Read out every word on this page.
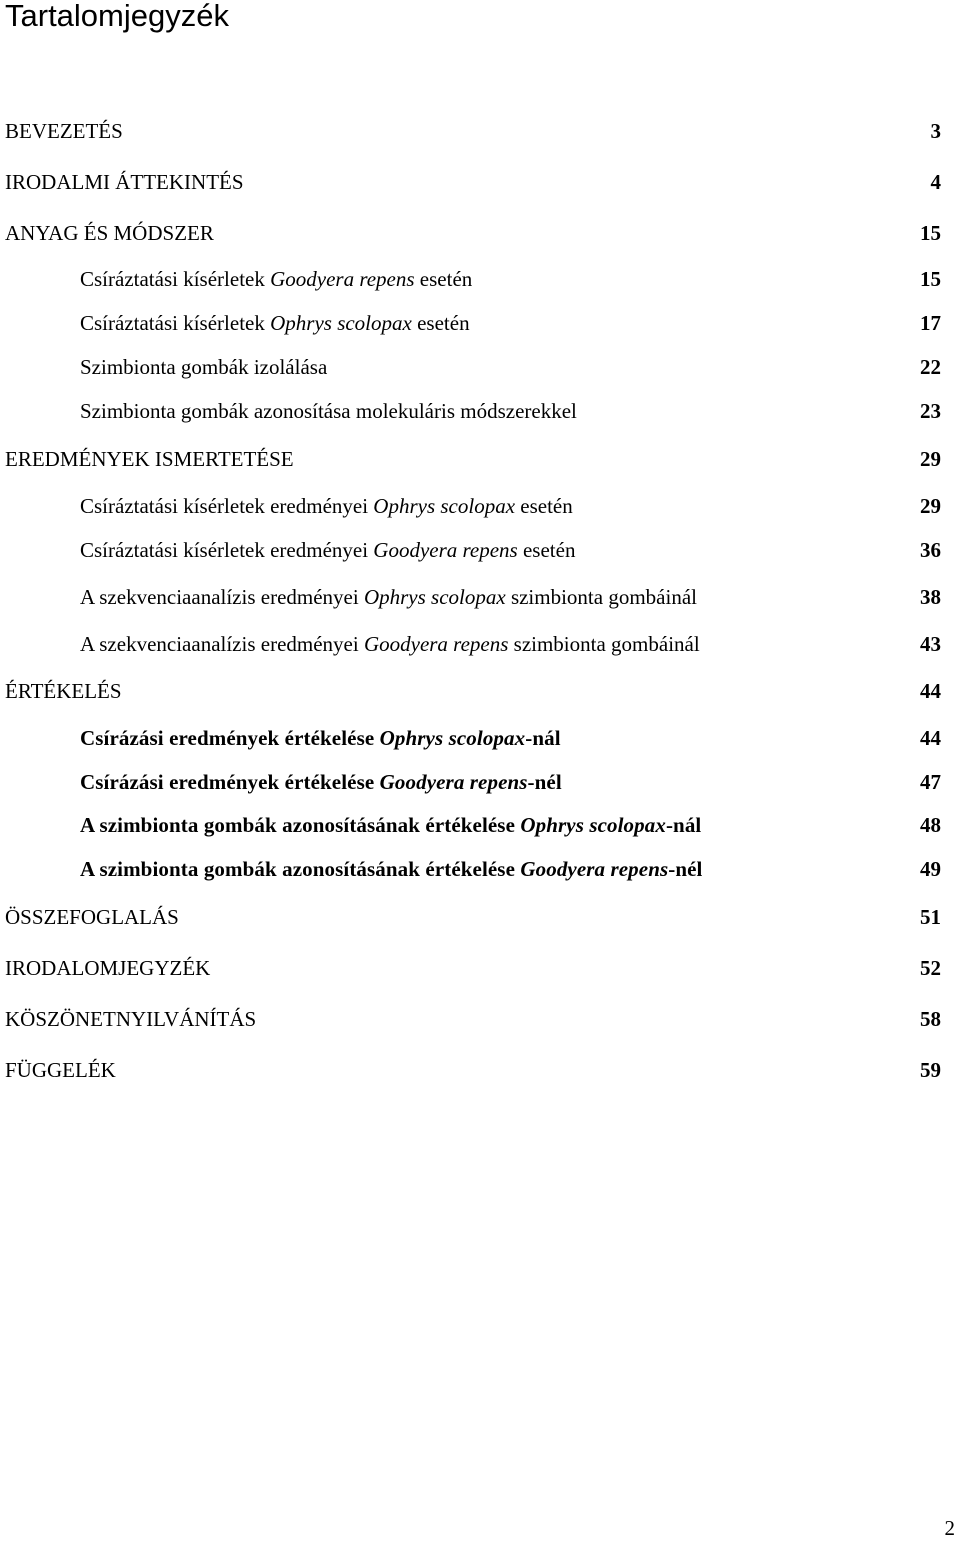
Tartalomjegyzék
BEVEZETÉS	3
IRODALMI ÁTTEKINTÉS	4
ANYAG ÉS MÓDSZER	15
Csíráztatási kísérletek Goodyera repens esetén	15
Csíráztatási kísérletek Ophrys scolopax esetén	17
Szimbionta gombák izolálása	22
Szimbionta gombák azonosítása molekuláris módszerekkel	23
EREDMÉNYEK ISMERTETÉSE	29
Csíráztatási kísérletek eredményei Ophrys scolopax esetén	29
Csíráztatási kísérletek eredményei Goodyera repens esetén	36
A szekvenciaanalízis eredményei Ophrys scolopax szimbionta gombáinál	38
A szekvenciaanalízis eredményei Goodyera repens szimbionta gombáinál	43
ÉRTÉKELÉS	44
Csírázási eredmények értékelése Ophrys scolopax-nál	44
Csírázási eredmények értékelése Goodyera repens-nél	47
A szimbionta gombák azonosításának értékelése Ophrys scolopax-nál	48
A szimbionta gombák azonosításának értékelése Goodyera repens-nél	49
ÖSSZEFOGLALÁS	51
IRODALOMJEGYZÉK	52
KÖSZÖNETNYILVÁNÍTÁS	58
FÜGGELÉK	59
2
